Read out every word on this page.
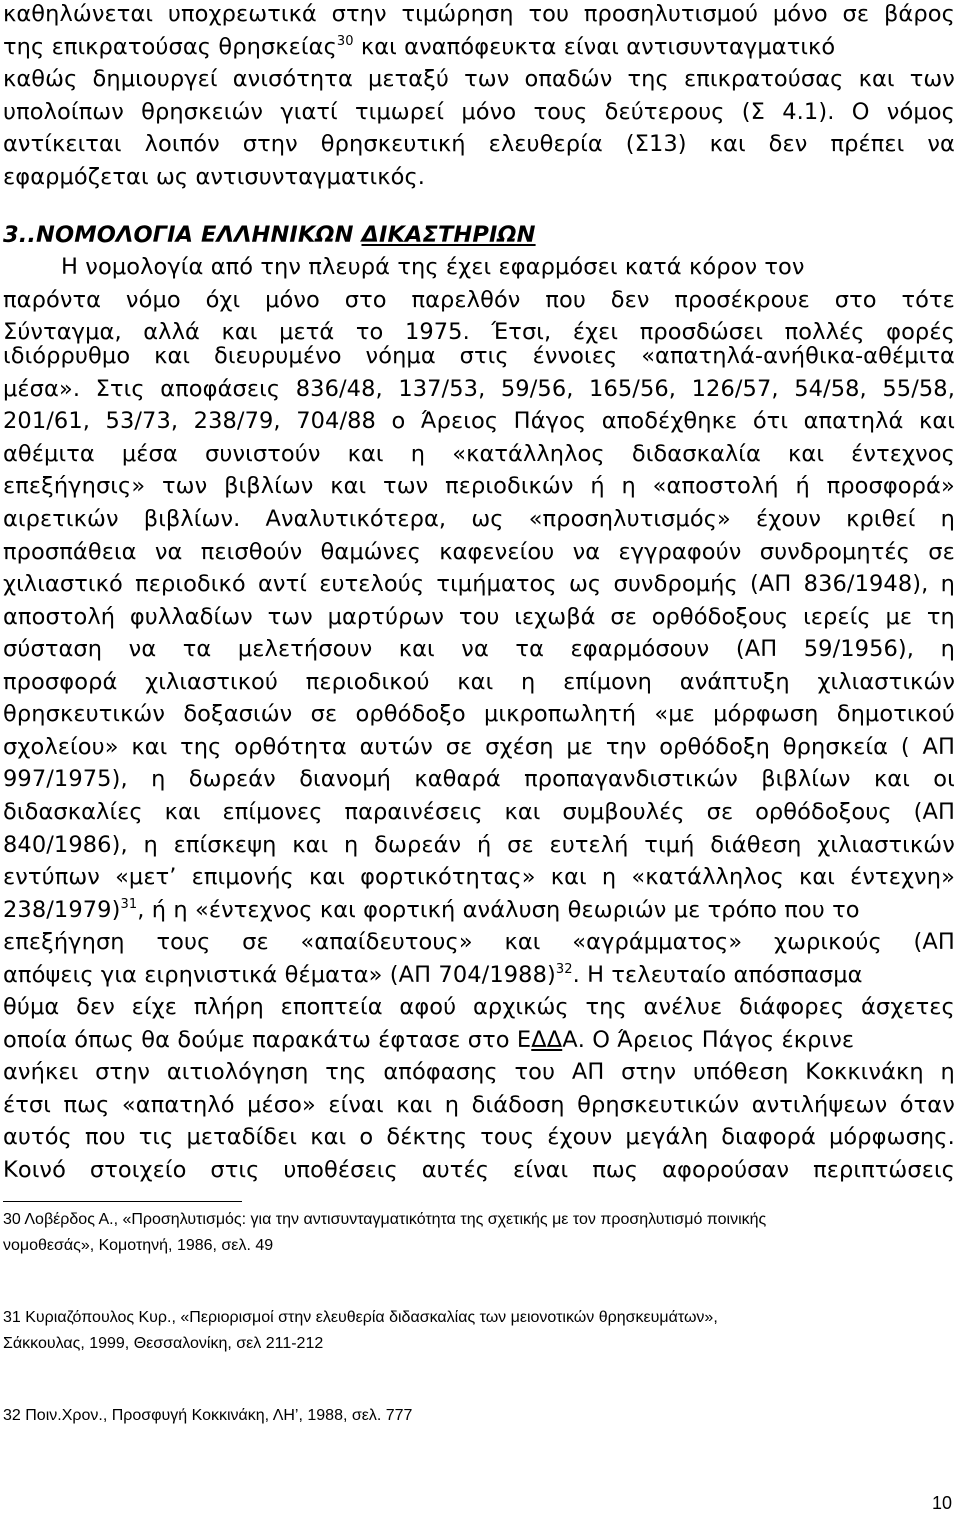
καθηλώνεται υποχρεωτικά στην τιμώρηση του προσηλυτισμού μόνο σε βάρος
της επικρατούσας θρησκείας$^{30}$ και αναπόφευκτα είναι αντισυνταγματικό
καθώς δημιουργεί ανισότητα μεταξύ των οπαδών της επικρατούσας και των
υπολοίπων θρησκειών γιατί τιμωρεί μόνο τους δεύτερους (Σ 4.1). Ο νόμος
αντίκειται λοιπόν στην θρησκευτική ελευθερία (Σ13) και δεν πρέπει να
εφαρμόζεται ως αντισυνταγματικός.
3..ΝΟΜΟΛΟΓΙΑ ΕΛΛΗΝΙΚΩΝ ΔΙΚΑΣΤΗΡΙΩΝ
Η νομολογία από την πλευρά της έχει εφαρμόσει κατά κόρον τον
παρόντα νόμο όχι μόνο στο παρελθόν που δεν προσέκρουε στο τότε
Σύνταγμα, αλλά και μετά το 1975. Έτσι, έχει προσδώσει πολλές φορές
ιδιόρρυθμο και διευρυμένο νόημα στις έννοιες «απατηλά-ανήθικα-αθέμιτα
μέσα». Στις αποφάσεις 836/48, 137/53, 59/56, 165/56, 126/57, 54/58, 55/58,
201/61, 53/73, 238/79, 704/88 ο Άρειος Πάγος αποδέχθηκε ότι απατηλά και
αθέμιτα μέσα συνιστούν και η «κατάλληλος διδασκαλία και έντεχνος
επεξήγησις» των βιβλίων και των περιοδικών ή η «αποστολή ή προσφορά»
αιρετικών βιβλίων. Αναλυτικότερα, ως «προσηλυτισμός» έχουν κριθεί η
προσπάθεια να πεισθούν θαμώνες καφενείου να εγγραφούν συνδρομητές σε
χιλιαστικό περιοδικό αντί ευτελούς τιμήματος ως συνδρομής (ΑΠ 836/1948), η
αποστολή φυλλαδίων των μαρτύρων του ιεχωβά σε ορθόδοξους ιερείς με τη
σύσταση να τα μελετήσουν και να τα εφαρμόσουν (ΑΠ 59/1956), η
προσφορά χιλιαστικού περιοδικού και η επίμονη ανάπτυξη χιλιαστικών
θρησκευτικών δοξασιών σε ορθόδοξο μικροπωλητή «με μόρφωση δημοτικού
σχολείου» και της ορθότητα αυτών σε σχέση με την ορθόδοξη θρησκεία ( ΑΠ
997/1975), η δωρεάν διανομή καθαρά προπαγανδιστικών βιβλίων και οι
διδασκαλίες και επίμονες παραινέσεις και συμβουλές σε ορθόδοξους (ΑΠ
840/1986), η επίσκεψη και η δωρεάν ή σε ευτελή τιμή διάθεση χιλιαστικών
εντύπων «μετ’ επιμονής και φορτικότητας» και η «κατάλληλος και έντεχνη»
238/1979)$^{31}$, ή η «έντεχνος και φορτική ανάλυση θεωριών με τρόπο που το
επεξήγηση τους σε «απαίδευτους» και «αγράμματος» χωρικούς (ΑΠ
απόψεις για ειρηνιστικά θέματα» (ΑΠ 704/1988)$^{32}$. Η τελευταίο απόσπασμα
θύμα δεν είχε πλήρη εποπτεία αφού αρχικώς της ανέλυε διάφορες άσχετες
οποία όπως θα δούμε παρακάτω έφτασε στο ΕΔΔΑ. Ο Άρειος Πάγος έκρινε
ανήκει στην αιτιολόγηση της απόφασης του ΑΠ στην υπόθεση Κοκκινάκη η
έτσι πως «απατηλό μέσο» είναι και η διάδοση θρησκευτικών αντιλήψεων όταν
αυτός που τις μεταδίδει και ο δέκτης τους έχουν μεγάλη διαφορά μόρφωσης.
Κοινό στοιχείο στις υποθέσεις αυτές είναι πως αφορούσαν περιπτώσεις
30 Λοβέρδος Α., «Προσηλυτισμός: για την αντισυνταγματικότητα της σχετικής με τον προσηλυτισμό ποινικής
νομοθεσάς», Κομοτηνή, 1986, σελ. 49
31 Κυριαζόπουλος Κυρ., «Περιορισμοί στην ελευθερία διδασκαλίας των μειονοτικών θρησκευμάτων»,
Σάκκουλας, 1999, Θεσσαλονίκη, σελ 211-212
32 Ποιν.Χρον., Προσφυγή Κοκκινάκη, ΛΗ’, 1988, σελ. 777
10
